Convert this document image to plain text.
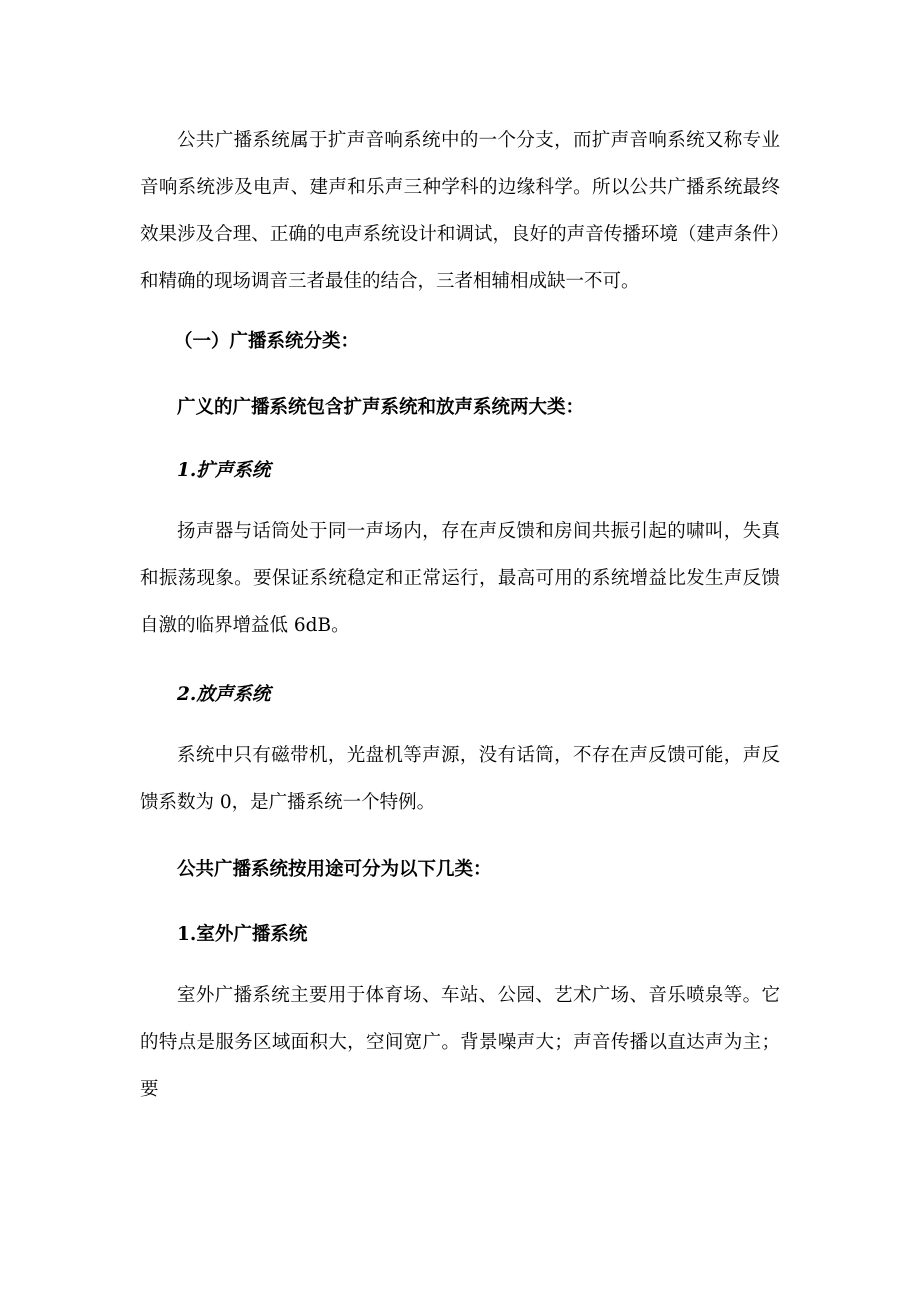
公共广播系统属于扩声音响系统中的一个分支，而扩声音响系统又称专业音响系统涉及电声、建声和乐声三种学科的边缘科学。所以公共广播系统最终效果涉及合理、正确的电声系统设计和调试，良好的声音传播环境（建声条件）和精确的现场调音三者最佳的结合，三者相辅相成缺一不可。

（一）广播系统分类：

广义的广播系统包含扩声系统和放声系统两大类：

1.扩声系统

扬声器与话筒处于同一声场内，存在声反馈和房间共振引起的啸叫，失真和振荡现象。要保证系统稳定和正常运行，最高可用的系统增益比发生声反馈自激的临界增益低 6dB。

2.放声系统

系统中只有磁带机，光盘机等声源，没有话筒，不存在声反馈可能，声反馈系数为 0，是广播系统一个特例。

公共广播系统按用途可分为以下几类：

1.室外广播系统

室外广播系统主要用于体育场、车站、公园、艺术广场、音乐喷泉等。它的特点是服务区域面积大，空间宽广。背景噪声大；声音传播以直达声为主；要
